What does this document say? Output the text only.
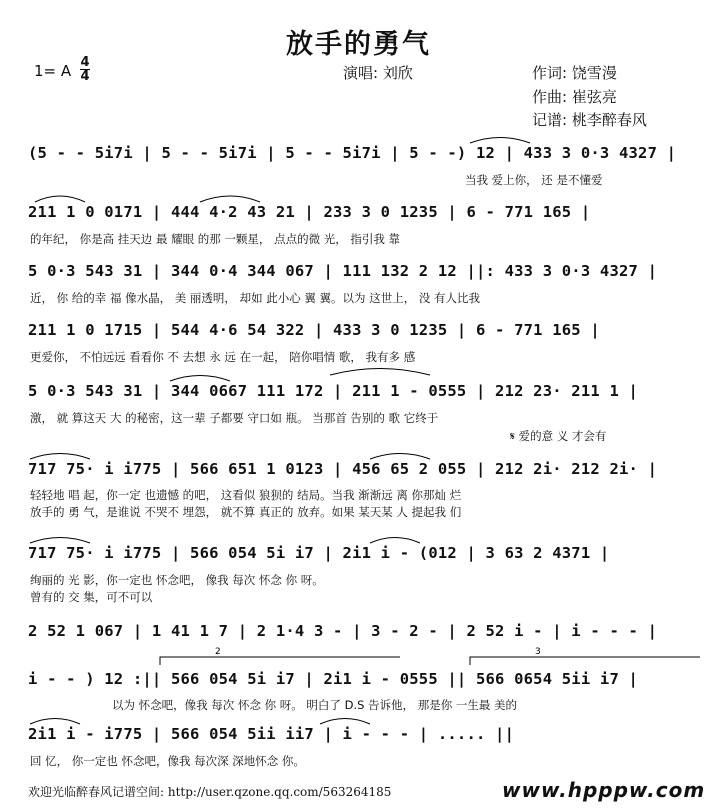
放手的勇气
1= A 4
4	演唱: 刘欣	作词: 饶雪漫
作曲: 崔弦亮
记谱: 桃李醉春风
(5 - - 5i7i | 5 - - 5i7i | 5 - - 5i7i | 5 - -) 12 | 433 3 0·3 4327 |
当我 爱上你， 还 是不懂爱
211 1 0 0171 | 444 4·2 43 21 | 233 3 0 1235 | 6 - 771 165 |
的年纪， 你是高 挂天边 最 耀眼 的那 一颗星， 点点的微 光， 指引我 靠
5 0·3 543 31 | 344 0·4 344 067 | 111 132 2 12 ||: 433 3 0·3 4327 |
近， 你 给的幸 福 像水晶， 美 丽透明， 却如 此小心 翼 翼。以为 这世上， 没 有人比我
211 1 0 1715 | 544 4·6 54 322 | 433 3 0 1235 | 6 - 771 165 |
更爱你， 不怕远远 看看你 不 去想 永 远 在一起， 陪你唱情 歌， 我有多 感
5 0·3 543 31 | 344 0667 111 172 | 211 1 - 0555 | 212 23· 211 1 |
激， 就 算这天 大 的秘密，这一辈 子都要 守口如 瓶。 当那首 告别的 歌 它终于
𝄋 爱的意 义 才会有
717 75· i i775 | 566 651 1 0123 | 456 65 2 055 | 212 2i· 212 2i· |
轻轻地 唱 起，你一定 也遗憾 的吧， 这看似 狼狈的 结局。当我 渐渐远 离 你那灿 烂
放手的 勇 气，是谁说 不哭不 埋怨， 就不算 真正的 放弃。如果 某天某 人 提起我 们
717 75· i i775 | 566 054 5i i7 | 2i1 i - (012 | 3 63 2 4371 |
绚丽的 光 影，你一定也 怀念吧， 像我 每次 怀念 你 呀。
曾有的 交 集，可不可以
2 52 1 067 | 1 41 1 7 | 2 1·4 3 - | 3 - 2 - | 2 52 i - | i - - - |
i - - ) 12 :|| 566 054 5i i7 | 2i1 i - 0555 || 566 0654 5ii i7 |
以为 怀念吧，像我 每次 怀念 你 呀。 明白了 D.S 告诉他， 那是你 一生最 美的
2i1 i - i775 | 566 054 5ii ii7 | i - - - | ..... ||
回 忆， 你一定也 怀念吧，像我 每次深 深地怀念 你。
2	3
欢迎光临醉春风记谱空间: http://user.qzone.qq.com/563264185	www.hpppw.com
